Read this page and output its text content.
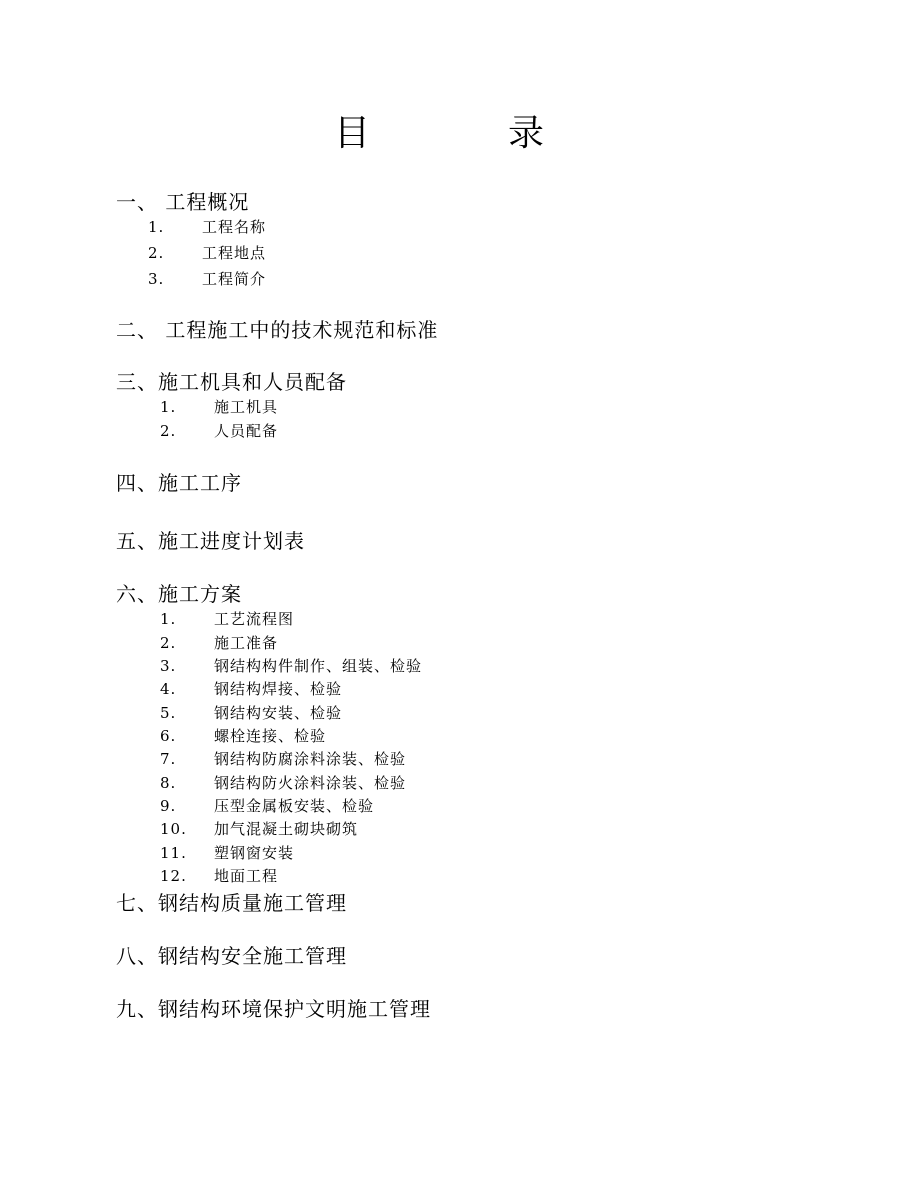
目	录
一、 工程概况
1.	工程名称
2.	工程地点
3.	工程简介
二、 工程施工中的技术规范和标准
三、施工机具和人员配备
1.	施工机具
2.	人员配备
四、施工工序
五、施工进度计划表
六、施工方案
1.	工艺流程图
2.	施工准备
3.	钢结构构件制作、组装、检验
4.	钢结构焊接、检验
5.	钢结构安装、检验
6.	螺栓连接、检验
7.	钢结构防腐涂料涂装、检验
8.	钢结构防火涂料涂装、检验
9.	压型金属板安装、检验
10. 加气混凝土砌块砌筑
11. 塑钢窗安装
12. 地面工程
七、钢结构质量施工管理
八、钢结构安全施工管理
九、钢结构环境保护文明施工管理
